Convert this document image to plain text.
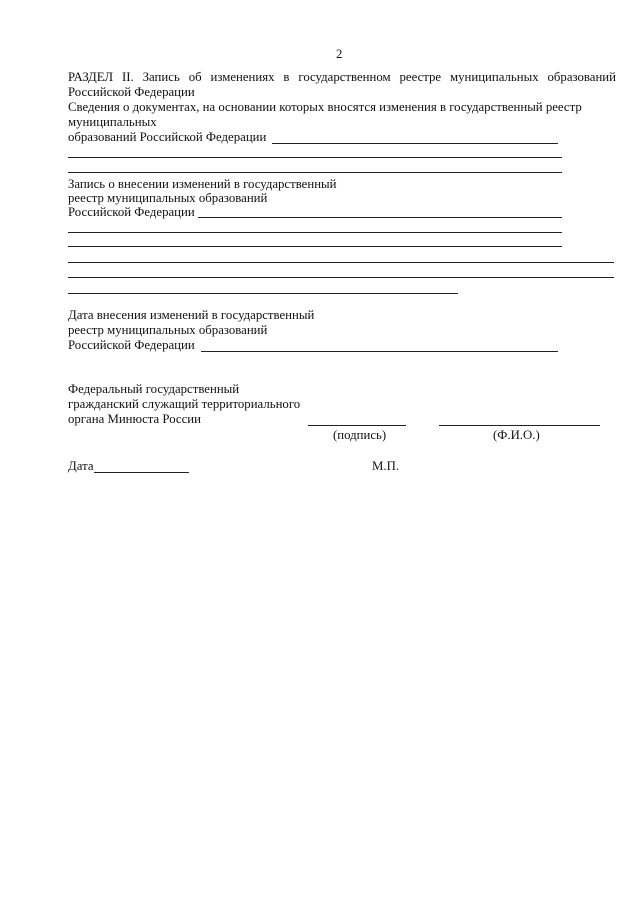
2
РАЗДЕЛ II. Запись об изменениях в государственном реестре муниципальных образований
Российской Федерации
Сведения о документах, на основании которых вносятся изменения в государственный реестр
муниципальных
образований Российской Федерации
Запись о внесении изменений в государственный
реестр муниципальных образований
Российской Федерации
Дата внесения изменений в государственный
реестр муниципальных образований
Российской Федерации
Федеральный государственный
гражданский служащий территориального
органа Минюста России
(подпись)	(Ф.И.О.)
Дата	М.П.
